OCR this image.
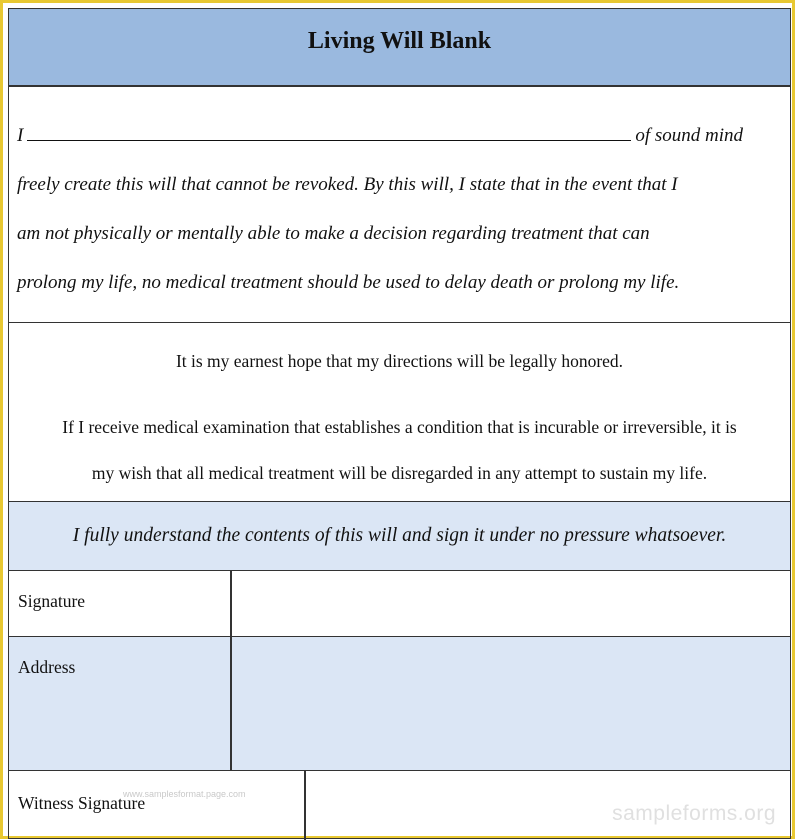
Living Will Blank
I	of sound mind
freely create this will that cannot be revoked. By this will, I state that in the event that I
am not physically or mentally able to make a decision regarding treatment that can
prolong my life, no medical treatment should be used to delay death or prolong my life.
It is my earnest hope that my directions will be legally honored.
If I receive medical examination that establishes a condition that is incurable or irreversible, it is
my wish that all medical treatment will be disregarded in any attempt to sustain my life.
I fully understand the contents of this will and sign it under no pressure whatsoever.
Signature
Address
Witness Signature
www.samplesformat.page.com
sampleforms.org
